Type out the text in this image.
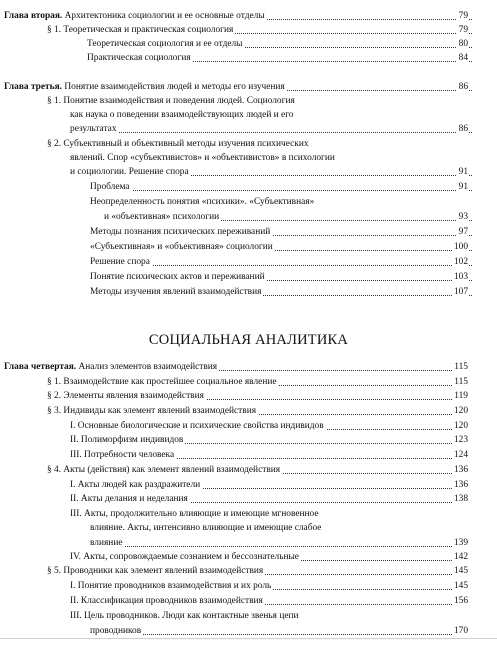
Глава вторая. Архитектоника социологии и ее основные отделы	79
§ 1. Теоретическая и практическая социология	79
Теоретическая социология и ее отделы	80
Практическая социология	84
Глава третья. Понятие взаимодействия людей и методы его изучения	86
§ 1. Понятие взаимодействия и поведения людей. Социология
как наука о поведении взаимодействующих людей и его
результатах	86
§ 2. Субъективный и объективный методы изучения психических
явлений. Спор «субъективистов» и «объективистов» в психологии
и социологии. Решение спора	91
Проблема	91
Неопределенность понятия «психики». «Субъективная»
и «объективная» психологии	93
Методы познания психических переживаний	97
«Субъективная» и «объективная» социологии	100
Решение спора	102
Понятие психических актов и переживаний	103
Методы изучения явлений взаимодействия	107
СОЦИАЛЬНАЯ АНАЛИТИКА
Глава четвертая. Анализ элементов взаимодействия	115
§ 1. Взаимодействие как простейшее социальное явление	115
§ 2. Элементы явления взаимодействия	119
§ 3. Индивиды как элемент явлений взаимодействия	120
I. Основные биологические и психические свойства индивидов	120
II. Полиморфизм индивидов	123
III. Потребности человека	124
§ 4. Акты (действия) как элемент явлений взаимодействия	136
I. Акты людей как раздражители	136
II. Акты делания и неделания	138
III. Акты, продолжительно влияющие и имеющие мгновенное
влияние. Акты, интенсивно влияющие и имеющие слабое
влияние	139
IV. Акты, сопровождаемые сознанием и бессознательные	142
§ 5. Проводники как элемент явлений взаимодействия	145
I. Понятие проводников взаимодействия и их роль	145
II. Классификация проводников взаимодействия	156
III. Цель проводников. Люди как контактные звенья цепи
проводников	170
